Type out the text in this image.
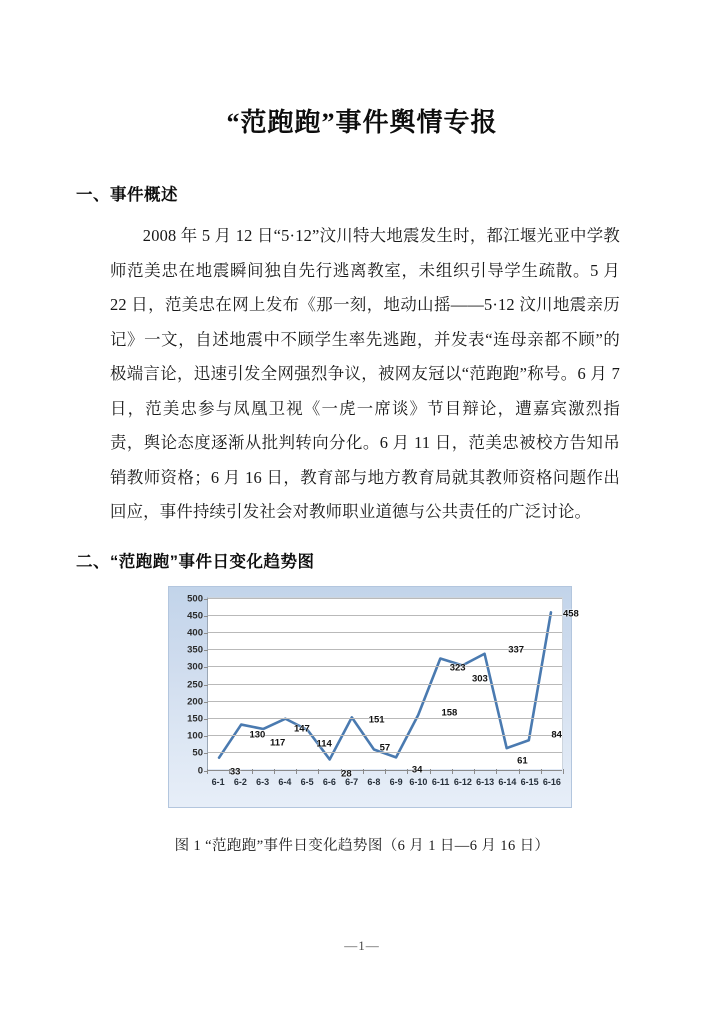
“范跑跑”事件舆情专报
一、事件概述

2008 年 5 月 12 日“5·12”汶川特大地震发生时，都江堰光亚中学教师范美忠在地震瞬间独自先行逃离教室，未组织引导学生疏散。5 月 22 日，范美忠在网上发布《那一刻，地动山摇——5·12 汶川地震亲历记》一文，自述地震中不顾学生率先逃跑，并发表“连母亲都不顾”的极端言论，迅速引发全网强烈争议，被网友冠以“范跑跑”称号。6 月 7 日，范美忠参与凤凰卫视《一虎一席谈》节目辩论，遭嘉宾激烈指责，舆论态度逐渐从批判转向分化。6 月 11 日，范美忠被校方告知吊销教师资格；6 月 16 日，教育部与地方教育局就其教师资格问题作出回应，事件持续引发社会对教师职业道德与公共责任的广泛讨论。

二、“范跑跑”事件日变化趋势图
0
50
100
150
200
250
300
350
400
450
500
33
130
117
147
114
28
151
57
34
158
323
303
337
61
84
458
6-1 6-2 6-3 6-4 6-5 6-6 6-7 6-8 6-9 6-10 6-11 6-12 6-13 6-14 6-15 6-16

图 1 “范跑跑”事件日变化趋势图（6 月 1 日—6 月 16 日）

—1—
